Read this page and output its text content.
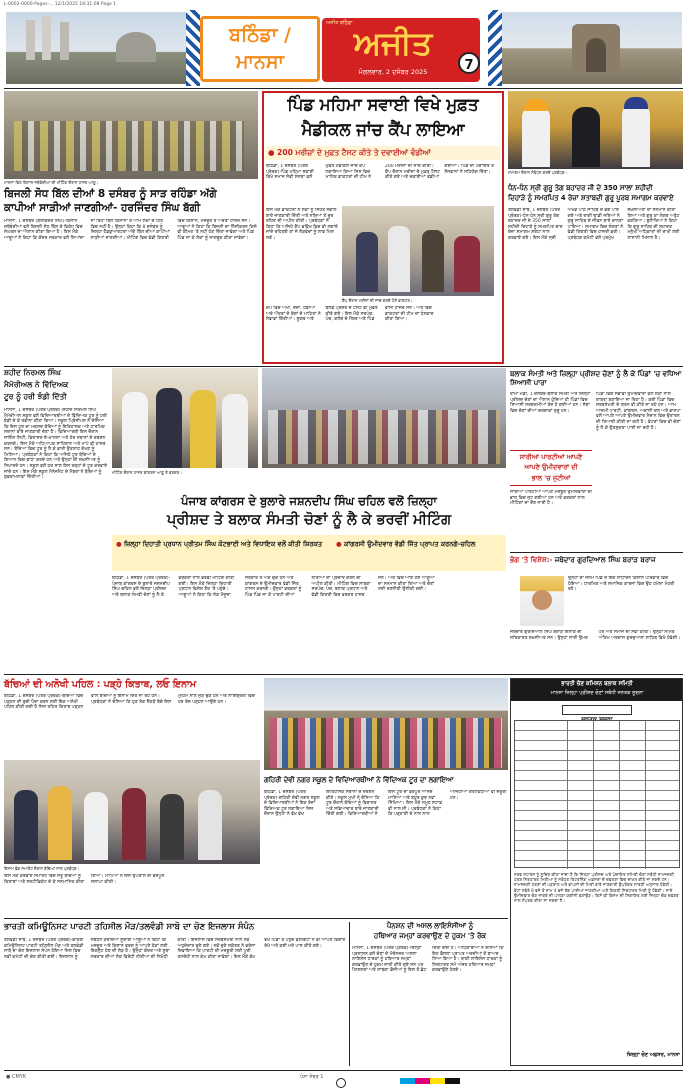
L-0002-0000-Pages-... 12/1/2025 18:31:08 Page 1
ਬਠਿੰਡਾ / ਮਾਨਸਾ
ਅਜੀਤ ਬਠਿੰਡਾ
ਅਜੀਤ
ਮੰਗਲਵਾਰ, 2 ਦਸੰਬਰ 2025	7
ਮਾਨਸਾ ਵਿਖੇ ਕਿਸਾਨ ਜਥੇਬੰਦੀਆਂ ਦੀ ਮੀਟਿੰਗ ਦੌਰਾਨ ਹਾਜ਼ਰ ਆਗੂ।
ਬਿਜਲੀ ਸੋਧ ਬਿੱਲ ਦੀਆਂ 8 ਦਸੰਬਰ ਨੂੰ ਸਾੜ ਰਹਿੰਡਾ ਅੱਗੇ
ਕਾਪੀਆਂ ਸਾੜੀਆਂ ਜਾਣਗੀਆਂ- ਹਰਜਿੰਦਰ ਸਿੰਘ ਬੱਗੀ
ਮਾਨਸਾ, 1 ਦਸੰਬਰ (ਬਲਵਿੰਦਰ ਸਿੰਘ)-ਕਿਸਾਨ ਜਥੇਬੰਦੀਆਂ ਵਲੋਂ ਬਿਜਲੀ ਸੋਧ ਬਿੱਲ ਦੇ ਵਿਰੋਧ ਵਿਚ ਸੰਘਰਸ਼ ਦਾ ਐਲਾਨ ਕੀਤਾ ਗਿਆ ਹੈ। ਇਸ ਮੌਕੇ ਆਗੂਆਂ ਨੇ ਕਿਹਾ ਕਿ ਕੇਂਦਰ ਸਰਕਾਰ ਵਲੋਂ ਲਿਆਂਦਾ ਜਾ ਰਿਹਾ ਬਿੱਲ ਕਿਸਾਨਾਂ ਤੇ ਆਮ ਲੋਕਾਂ ਦੇ ਹਿੱਤ ਵਿਚ ਨਹੀਂ ਹੈ। ਉਨ੍ਹਾਂ ਕਿਹਾ ਕਿ 8 ਦਸੰਬਰ ਨੂੰ ਜ਼ਿਲ੍ਹਾ ਹੈੱਡਕੁਆਰਟਰਾਂ ਅੱਗੇ ਬਿੱਲ ਦੀਆਂ ਕਾਪੀਆਂ ਸਾੜੀਆਂ ਜਾਣਗੀਆਂ। ਮੀਟਿੰਗ ਵਿਚ ਵੱਡੀ ਗਿਣਤੀ ਵਿਚ ਕਿਸਾਨ, ਮਜ਼ਦੂਰ ਤੇ ਔਰਤਾਂ ਹਾਜ਼ਰ ਸਨ। ਆਗੂਆਂ ਨੇ ਕਿਹਾ ਕਿ ਬਿਜਲੀ ਦਾ ਨਿੱਜੀਕਰਨ ਕਿਸੇ ਵੀ ਕੀਮਤ 'ਤੇ ਨਹੀਂ ਹੋਣ ਦਿੱਤਾ ਜਾਵੇਗਾ ਅਤੇ ਪਿੰਡ ਪਿੰਡ ਜਾ ਕੇ ਲੋਕਾਂ ਨੂੰ ਜਾਗਰੂਕ ਕੀਤਾ ਜਾਵੇਗਾ।
ਪਿੰਡ ਮਹਿਮਾ ਸਵਾਈ ਵਿਖੇ ਮੁਫ਼ਤ
ਮੈਡੀਕਲ ਜਾਂਚ ਕੈਂਪ ਲਾਇਆ
● 200 ਮਰੀਜ਼ਾਂ ਦੇ ਮੁਫ਼ਤ ਟੈਸਟ ਕੀਤੇ ਤੇ ਦਵਾਈਆਂ ਵੰਡੀਆਂ
ਬਠਿੰਡਾ, 1 ਦਸੰਬਰ (ਪੱਤਰ ਪ੍ਰੇਰਕ)-ਪਿੰਡ ਮਹਿਮਾ ਸਵਾਈ ਵਿਖੇ ਸਮਾਜ ਸੇਵੀ ਸੰਸਥਾ ਵਲੋਂ ਮੁਫ਼ਤ ਮੈਡੀਕਲ ਜਾਂਚ ਕੈਂਪ ਲਗਾਇਆ ਗਿਆ ਜਿਸ ਵਿਚ ਮਾਹਿਰ ਡਾਕਟਰਾਂ ਦੀ ਟੀਮ ਨੇ 200 ਮਰੀਜ਼ਾਂ ਦੀ ਜਾਂਚ ਕੀਤੀ। ਕੈਂਪ ਦੌਰਾਨ ਮਰੀਜ਼ਾਂ ਦੇ ਮੁਫ਼ਤ ਟੈਸਟ ਕੀਤੇ ਗਏ ਅਤੇ ਦਵਾਈਆਂ ਵੰਡੀਆਂ ਗਈਆਂ। ਪਿੰਡ ਦੀ ਪੰਚਾਇਤ ਤੇ ਨੌਜਵਾਨਾਂ ਨੇ ਸਹਿਯੋਗ ਦਿੱਤਾ।
ਇਸ ਮੌਕੇ ਡਾਕਟਰਾਂ ਨੇ ਲੋਕਾਂ ਨੂੰ ਸਿਹਤ ਸੰਭਾਲ ਬਾਰੇ ਜਾਣਕਾਰੀ ਦਿੱਤੀ ਅਤੇ ਨਸ਼ਿਆਂ ਤੋਂ ਦੂਰ ਰਹਿਣ ਦੀ ਅਪੀਲ ਕੀਤੀ। ਪ੍ਰਬੰਧਕਾਂ ਨੇ ਕਿਹਾ ਕਿ ਅਜਿਹੇ ਕੈਂਪ ਭਵਿੱਖ ਵਿਚ ਵੀ ਲਗਾਏ ਜਾਂਦੇ ਰਹਿਣਗੇ ਤਾਂ ਜੋ ਲੋੜਵੰਦਾਂ ਨੂੰ ਲਾਭ ਮਿਲ ਸਕੇ।
ਕੈਂਪ ਦੌਰਾਨ ਮਰੀਜ਼ਾਂ ਦੀ ਜਾਂਚ ਕਰਦੇ ਹੋਏ ਡਾਕਟਰ।
ਕੈਂਪ ਵਿਚ ਅੱਖਾਂ, ਦੰਦਾਂ, ਹੱਡੀਆਂ ਅਤੇ ਔਰਤਾਂ ਦੇ ਰੋਗਾਂ ਦੇ ਮਾਹਿਰਾਂ ਨੇ ਸੇਵਾਵਾਂ ਦਿੱਤੀਆਂ। ਸ਼ੂਗਰ ਅਤੇ ਬਲੱਡ ਪ੍ਰੈਸ਼ਰ ਦੇ ਟੈਸਟ ਵੀ ਮੁਫ਼ਤ ਕੀਤੇ ਗਏ। ਇਸ ਮੌਕੇ ਸਰਪੰਚ, ਪੰਚ, ਕਲੱਬ ਦੇ ਮੈਂਬਰ ਅਤੇ ਪਿੰਡ ਵਾਸੀ ਹਾਜ਼ਰ ਸਨ। ਅੰਤ ਵਿਚ ਡਾਕਟਰਾਂ ਦੀ ਟੀਮ ਦਾ ਧੰਨਵਾਦ ਕੀਤਾ ਗਿਆ।
ਸਮਾਗਮ ਦੌਰਾਨ ਸੰਬੋਧਨ ਕਰਦੇ ਪ੍ਰਬੰਧਕ।
ਧੰਨ-ਧੰਨ ਸ੍ਰੀ ਗੁਰੂ ਤੇਗ ਬਹਾਦਰ ਜੀ ਦੇ 350 ਸਾਲਾ ਸ਼ਹੀਦੀ
ਦਿਹਾੜੇ ਨੂੰ ਸਮਰਪਿਤ 4 ਰੋਜ਼ਾ ਸ਼ਤਾਬਦੀ ਗੁਰੂ ਪੂਰਬ ਸਮਾਗਮ ਕਰਵਾਏ
ਤਲਵੰਡੀ ਸਾਬੋ, 1 ਦਸੰਬਰ (ਪੱਤਰ ਪ੍ਰੇਰਕ)-ਧੰਨ-ਧੰਨ ਸ੍ਰੀ ਗੁਰੂ ਤੇਗ ਬਹਾਦਰ ਜੀ ਦੇ 350 ਸਾਲਾ ਸ਼ਹੀਦੀ ਦਿਹਾੜੇ ਨੂੰ ਸਮਰਪਿਤ ਚਾਰ ਰੋਜ਼ਾ ਸਮਾਗਮ ਸ਼ਰਧਾ ਨਾਲ ਕਰਵਾਏ ਗਏ। ਇਸ ਮੌਕੇ ਸ੍ਰੀ ਅਖੰਡ ਪਾਠ ਸਾਹਿਬ ਦੇ ਭੋਗ ਪਾਏ ਗਏ ਅਤੇ ਰਾਗੀ ਢਾਡੀ ਜਥਿਆਂ ਨੇ ਗੁਰੂ ਸਾਹਿਬ ਦੇ ਜੀਵਨ ਬਾਰੇ ਚਾਨਣਾ ਪਾਇਆ। ਸਮਾਗਮ ਵਿਚ ਸੰਗਤਾਂ ਨੇ ਵੱਡੀ ਗਿਣਤੀ ਵਿਚ ਹਾਜ਼ਰੀ ਭਰੀ। ਪ੍ਰਬੰਧਕ ਕਮੇਟੀ ਵਲੋਂ ਪ੍ਰਮੁੱਖ ਸ਼ਖ਼ਸੀਅਤਾਂ ਦਾ ਸਨਮਾਨ ਕੀਤਾ ਗਿਆ ਅਤੇ ਗੁਰੂ ਕਾ ਲੰਗਰ ਅਤੁੱਟ ਵਰਤਿਆ। ਬੁਲਾਰਿਆਂ ਨੇ ਕਿਹਾ ਕਿ ਗੁਰੂ ਸਾਹਿਬ ਦੀ ਸ਼ਹਾਦਤ ਮਨੁੱਖੀ ਅਧਿਕਾਰਾਂ ਦੀ ਰਾਖੀ ਲਈ ਲਾਸਾਨੀ ਮਿਸਾਲ ਹੈ।
ਸ਼ਹੀਦ ਨਿਰਮਲ ਸਿੰਘ
ਮੈਮੋਰੀਅਲ ਨੇ ਵਿੱਦਿਅਕ
ਟੂਰ ਨੂੰ ਹਰੀ ਝੰਡੀ ਦਿੱਤੀ
ਮਾਨਸਾ, 1 ਦਸੰਬਰ (ਪੱਤਰ ਪ੍ਰੇਰਕ)-ਸ਼ਹੀਦ ਨਿਰਮਲ ਸਿੰਘ ਮੈਮੋਰੀਅਲ ਸਕੂਲ ਵਲੋਂ ਵਿਦਿਆਰਥੀਆਂ ਦੇ ਵਿੱਦਿਅਕ ਟੂਰ ਨੂੰ ਹਰੀ ਝੰਡੀ ਦੇ ਕੇ ਰਵਾਨਾ ਕੀਤਾ ਗਿਆ। ਸਕੂਲ ਪ੍ਰਿੰਸੀਪਲ ਨੇ ਦੱਸਿਆ ਕਿ ਇਸ ਟੂਰ ਦਾ ਮਕਸਦ ਬੱਚਿਆਂ ਨੂੰ ਇਤਿਹਾਸਕ ਅਤੇ ਧਾਰਮਿਕ ਸਥਾਨਾਂ ਬਾਰੇ ਜਾਣਕਾਰੀ ਦੇਣਾ ਹੈ। ਵਿਦਿਆਰਥੀ ਇਸ ਦੌਰਾਨ ਸਾਇੰਸ ਸਿਟੀ, ਵਿਰਾਸਤ-ਏ-ਖ਼ਾਲਸਾ ਅਤੇ ਹੋਰ ਸਥਾਨਾਂ ਦੇ ਦਰਸ਼ਨ ਕਰਨਗੇ। ਇਸ ਮੌਕੇ ਅਧਿਆਪਕ ਸਾਹਿਬਾਨ ਅਤੇ ਮਾਪੇ ਵੀ ਹਾਜ਼ਰ ਸਨ। ਬੱਚਿਆਂ ਵਿਚ ਟੂਰ ਨੂੰ ਲੈ ਕੇ ਭਾਰੀ ਉਤਸ਼ਾਹ ਦੇਖਣ ਨੂੰ ਮਿਲਿਆ। ਪ੍ਰਬੰਧਕਾਂ ਨੇ ਕਿਹਾ ਕਿ ਅਜਿਹੇ ਟੂਰ ਬੱਚਿਆਂ ਦੇ ਗਿਆਨ ਵਿਚ ਵਾਧਾ ਕਰਦੇ ਹਨ ਅਤੇ ਉਨ੍ਹਾਂ ਦੀ ਸ਼ਖ਼ਸੀਅਤ ਨੂੰ ਨਿਖਾਰਦੇ ਹਨ। ਸਕੂਲ ਵਲੋਂ ਹਰ ਸਾਲ ਇਸ ਤਰ੍ਹਾਂ ਦੇ ਟੂਰ ਕਰਵਾਏ ਜਾਂਦੇ ਹਨ। ਇਸ ਮੌਕੇ ਸਕੂਲ ਮੈਨੇਜਮੈਂਟ ਦੇ ਮੈਂਬਰਾਂ ਨੇ ਬੱਚਿਆਂ ਨੂੰ ਸ਼ੁਭਕਾਮਨਾਵਾਂ ਦਿੱਤੀਆਂ।
ਮੀਟਿੰਗ ਦੌਰਾਨ ਹਾਜ਼ਰ ਕਾਂਗਰਸ ਆਗੂ ਤੇ ਵਰਕਰ।
ਪੰਜਾਬ ਕਾਂਗਰਸ ਦੇ ਬੁਲਾਰੇ ਜਸ਼ਨਦੀਪ ਸਿੰਘ ਚਹਿਲ ਵਲੋਂ ਜ਼ਿਲ੍ਹਾ
ਪ੍ਰੀਸ਼ਦ ਤੇ ਬਲਾਕ ਸੰਮਤੀ ਚੋਣਾਂ ਨੂੰ ਲੈ ਕੇ ਭਰਵੀਂ ਮੀਟਿੰਗ
● ਜ਼ਿਲ੍ਹਾ ਦਿਹਾਤੀ ਪ੍ਰਧਾਨ ਪ੍ਰੀਤਮ ਸਿੰਘ ਕੋਟਭਾਈ ਅਤੇ ਵਿਧਾਇਕ ਵਲੋਂ ਕੀਤੀ ਸ਼ਿਰਕਤ	● ਕਾਂਗਰਸੀ ਉਮੀਦਵਾਰ ਵੱਡੀ ਜਿੱਤ ਪ੍ਰਾਪਤ ਕਰਨਗੇ-ਚਹਿਲ
ਬਠਿੰਡਾ, 1 ਦਸੰਬਰ (ਪੱਤਰ ਪ੍ਰੇਰਕ)-ਪੰਜਾਬ ਕਾਂਗਰਸ ਦੇ ਬੁਲਾਰੇ ਜਸ਼ਨਦੀਪ ਸਿੰਘ ਚਹਿਲ ਵਲੋਂ ਜ਼ਿਲ੍ਹਾ ਪ੍ਰੀਸ਼ਦ ਅਤੇ ਬਲਾਕ ਸੰਮਤੀ ਚੋਣਾਂ ਨੂੰ ਲੈ ਕੇ ਵਰਕਰਾਂ ਨਾਲ ਭਰਵੀਂ ਮੀਟਿੰਗ ਕੀਤੀ ਗਈ। ਇਸ ਮੌਕੇ ਜ਼ਿਲ੍ਹਾ ਦਿਹਾਤੀ ਪ੍ਰਧਾਨ ਵਿਸ਼ੇਸ਼ ਤੌਰ 'ਤੇ ਪਹੁੰਚੇ। ਆਗੂਆਂ ਨੇ ਕਿਹਾ ਕਿ ਲੋਕ ਮੌਜੂਦਾ ਸਰਕਾਰ ਤੋਂ ਅੱਕ ਚੁੱਕੇ ਹਨ ਅਤੇ ਕਾਂਗਰਸ ਦੇ ਉਮੀਦਵਾਰ ਵੱਡੀ ਜਿੱਤ ਹਾਸਲ ਕਰਨਗੇ। ਉਨ੍ਹਾਂ ਵਰਕਰਾਂ ਨੂੰ ਪਿੰਡ ਪਿੰਡ ਜਾ ਕੇ ਪਾਰਟੀ ਦੀਆਂ ਨੀਤੀਆਂ ਦਾ ਪ੍ਰਚਾਰ ਕਰਨ ਦੀ ਅਪੀਲ ਕੀਤੀ। ਮੀਟਿੰਗ ਵਿਚ ਸਾਬਕਾ ਸਰਪੰਚ, ਪੰਚ, ਬਲਾਕ ਪ੍ਰਧਾਨ ਅਤੇ ਵੱਡੀ ਗਿਣਤੀ ਵਿਚ ਵਰਕਰ ਹਾਜ਼ਰ ਸਨ। ਅੰਤ ਵਿਚ ਆਏ ਹੋਏ ਆਗੂਆਂ ਦਾ ਸਨਮਾਨ ਕੀਤਾ ਗਿਆ ਅਤੇ ਚੋਣਾਂ ਲਈ ਰਣਨੀਤੀ ਉਲੀਕੀ ਗਈ।
ਬਲਾਕ ਸੰਮਤੀ ਅਤੇ ਜ਼ਿਲ੍ਹਾ ਪ੍ਰੀਸ਼ਦ ਚੋਣਾਂ ਨੂੰ ਲੈ ਕੇ ਪਿੰਡਾਂ 'ਚ ਵਧਿਆ ਸਿਆਸੀ ਪਾਰਾ
ਰਾਮਾਂ ਮੰਡੀ, 1 ਦਸੰਬਰ-ਬਲਾਕ ਸੰਮਤੀ ਅਤੇ ਜ਼ਿਲ੍ਹਾ ਪ੍ਰੀਸ਼ਦ ਚੋਣਾਂ ਦਾ ਐਲਾਨ ਹੁੰਦਿਆਂ ਹੀ ਪਿੰਡਾਂ ਵਿਚ ਸਿਆਸੀ ਸਰਗਰਮੀਆਂ ਤੇਜ਼ ਹੋ ਗਈਆਂ ਹਨ। ਸੱਥਾਂ ਵਿਚ ਚੋਣਾਂ ਦੀਆਂ ਚਰਚਾਵਾਂ ਸ਼ੁਰੂ ਹਨ।
ਸਾਰੀਆਂ ਪਾਰਟੀਆਂ ਆਪਣੇ
ਆਪਣੇ ਉਮੀਦਵਾਰਾਂ ਦੀ
ਭਾਲ 'ਚ ਜੁਟੀਆਂ
ਸਾਰੀਆਂ ਪਾਰਟੀਆਂ ਆਪਣੇ ਮਜ਼ਬੂਤ ਉਮੀਦਵਾਰਾਂ ਦੀ ਭਾਲ ਵਿਚ ਜੁਟ ਗਈਆਂ ਹਨ ਅਤੇ ਵਰਕਰਾਂ ਨਾਲ ਮੀਟਿੰਗਾਂ ਦਾ ਦੌਰ ਜਾਰੀ ਹੈ।
ਪਿੰਡਾਂ ਵਿਚ ਸੰਭਾਵੀ ਉਮੀਦਵਾਰਾਂ ਵਲੋਂ ਲੋਕਾਂ ਨਾਲ ਰਾਬਤਾ ਬਣਾਇਆ ਜਾ ਰਿਹਾ ਹੈ। ਕਈ ਪਿੰਡਾਂ ਵਿਚ ਸਰਬਸੰਮਤੀ ਦੇ ਯਤਨ ਵੀ ਕੀਤੇ ਜਾ ਰਹੇ ਹਨ। ਆਮ ਆਦਮੀ ਪਾਰਟੀ, ਕਾਂਗਰਸ, ਅਕਾਲੀ ਦਲ ਅਤੇ ਭਾਜਪਾ ਵਲੋਂ ਆਪਣੇ ਆਪਣੇ ਉਮੀਦਵਾਰ ਮੈਦਾਨ ਵਿਚ ਉਤਾਰਨ ਦੀ ਤਿਆਰੀ ਕੀਤੀ ਜਾ ਰਹੀ ਹੈ। ਵੋਟਰਾਂ ਵਿਚ ਵੀ ਚੋਣਾਂ ਨੂੰ ਲੈ ਕੇ ਉਤਸੁਕਤਾ ਪਾਈ ਜਾ ਰਹੀ ਹੈ।
ਭੋਗ 'ਤੇ ਵਿਸ਼ੇਸ਼:- ਜਥੇਦਾਰ ਗੁਰਦਿਆਲ ਸਿੰਘ ਬਰਾੜ ਬਰਾਜ
ਜਥੇਦਾਰ ਗੁਰਦਿਆਲ ਸਿੰਘ ਬਰਾੜ ਇਲਾਕੇ ਦੀ ਸਤਿਕਾਰਤ ਸ਼ਖ਼ਸੀਅਤ ਸਨ। ਉਨ੍ਹਾਂ ਸਾਰੀ ਉਮਰ ਪੰਥ ਅਤੇ ਸਮਾਜ ਦੀ ਸੇਵਾ ਕੀਤੀ। ਉਨ੍ਹਾਂ ਨਮਿਤ ਅੰਤਿਮ ਅਰਦਾਸ ਗੁਰਦੁਆਰਾ ਸਾਹਿਬ ਵਿਖੇ ਹੋਵੇਗੀ।
ਉਨ੍ਹਾਂ ਦਾ ਜਨਮ ਪਿੰਡ ਦੇ ਇਕ ਸਾਧਾਰਨ ਕਿਸਾਨ ਪਰਿਵਾਰ ਵਿਚ ਹੋਇਆ। ਧਾਰਮਿਕ ਅਤੇ ਸਮਾਜਿਕ ਕਾਰਜਾਂ ਵਿਚ ਉਹ ਹਮੇਸ਼ਾ ਮੋਹਰੀ ਰਹੇ।
ਬੱਚਿਆਂ ਦੀ ਅਨੋਖੀ ਪਹਿਲ : ਪੜ੍ਹੋ ਕਿਤਾਬ, ਲਓ ਇਨਾਮ
ਬਠਿੰਡਾ, 1 ਦਸੰਬਰ (ਪੱਤਰ ਪ੍ਰੇਰਕ)-ਬੱਚਿਆਂ ਵਿਚ ਪੜ੍ਹਨ ਦੀ ਰੁਚੀ ਪੈਦਾ ਕਰਨ ਲਈ ਇਕ ਅਨੋਖੀ ਪਹਿਲ ਕੀਤੀ ਗਈ ਹੈ ਜਿਸ ਤਹਿਤ ਕਿਤਾਬ ਪੜ੍ਹਨ ਵਾਲੇ ਬੱਚਿਆਂ ਨੂੰ ਇਨਾਮ ਦਿੱਤੇ ਜਾ ਰਹੇ ਹਨ। ਪ੍ਰਬੰਧਕਾਂ ਨੇ ਦੱਸਿਆ ਕਿ ਹੁਣ ਤੱਕ ਸੈਂਕੜੇ ਬੱਚੇ ਇਸ ਮੁਹਿੰਮ ਨਾਲ ਜੁੜ ਚੁੱਕੇ ਹਨ ਅਤੇ ਲਾਇਬ੍ਰੇਰੀ ਵਿਚ ਹਰ ਰੋਜ਼ ਪੜ੍ਹਨ ਆਉਂਦੇ ਹਨ।
ਇਨਾਮ ਵੰਡ ਸਮਾਰੋਹ ਦੌਰਾਨ ਬੱਚਿਆਂ ਨਾਲ ਪ੍ਰਬੰਧਕ।
ਇਸ ਮੌਕੇ ਕਰਵਾਏ ਸਮਾਰੋਹ ਵਿਚ ਜੇਤੂ ਬੱਚਿਆਂ ਨੂੰ ਕਿਤਾਬਾਂ ਅਤੇ ਸਰਟੀਫਿਕੇਟ ਦੇ ਕੇ ਸਨਮਾਨਿਤ ਕੀਤਾ ਗਿਆ। ਮਾਪਿਆਂ ਨੇ ਇਸ ਉਪਰਾਲੇ ਦੀ ਭਰਪੂਰ ਸ਼ਲਾਘਾ ਕੀਤੀ।
ਗਹਿਰੀ ਦੇਵੀ ਨਗਰ ਸਕੂਲ ਦੇ ਵਿਦਿਆਰਥੀਆਂ ਨੇ ਵਿੱਦਿਅਕ ਟੂਰ ਦਾ ਲਗਾਇਆ
ਬਠਿੰਡਾ, 1 ਦਸੰਬਰ (ਪੱਤਰ ਪ੍ਰੇਰਕ)-ਗਹਿਰੀ ਦੇਵੀ ਨਗਰ ਸਕੂਲ ਦੇ ਵਿਦਿਆਰਥੀਆਂ ਨੇ ਇਕ ਰੋਜ਼ਾ ਵਿੱਦਿਅਕ ਟੂਰ ਲਗਾਇਆ ਜਿਸ ਦੌਰਾਨ ਉਨ੍ਹਾਂ ਨੇ ਵੱਖ ਵੱਖ ਇਤਿਹਾਸਕ ਸਥਾਨਾਂ ਦੇ ਦਰਸ਼ਨ ਕੀਤੇ। ਸਕੂਲ ਮੁਖੀ ਨੇ ਦੱਸਿਆ ਕਿ ਟੂਰ ਦੌਰਾਨ ਬੱਚਿਆਂ ਨੂੰ ਵਿਰਾਸਤ ਅਤੇ ਸਭਿਆਚਾਰ ਬਾਰੇ ਜਾਣਕਾਰੀ ਦਿੱਤੀ ਗਈ। ਵਿਦਿਆਰਥੀਆਂ ਨੇ ਇਸ ਟੂਰ ਦਾ ਭਰਪੂਰ ਆਨੰਦ ਮਾਣਿਆ ਅਤੇ ਬਹੁਤ ਕੁਝ ਨਵਾਂ ਸਿੱਖਿਆ। ਇਸ ਮੌਕੇ ਸਮੂਹ ਸਟਾਫ਼ ਵੀ ਨਾਲ ਸੀ। ਪ੍ਰਬੰਧਕਾਂ ਨੇ ਕਿਹਾ ਕਿ ਪੜ੍ਹਾਈ ਦੇ ਨਾਲ ਨਾਲ ਅਜਿਹੀਆਂ ਗਤੀਵਿਧੀਆਂ ਵੀ ਜ਼ਰੂਰੀ ਹਨ।
ਭਾਰਤੀ ਚੋਣ ਕਮਿਸ਼ਨ ਬਲਾਕ ਸਮਿਤੀ
ਮਾਨਸਾ ਜ਼ਿਲ੍ਹਾ ਪ੍ਰੀਸ਼ਦ ਚੋਣਾਂ ਸਬੰਧੀ ਜਨਤਕ ਸੂਚਨਾ
ਸਰਵ ਸਧਾਰਨ ਨੂੰ ਸੂਚਿਤ ਕੀਤਾ ਜਾਂਦਾ ਹੈ ਕਿ ਜ਼ਿਲ੍ਹਾ ਪ੍ਰੀਸ਼ਦ ਅਤੇ ਪੰਚਾਇਤ ਸਮਿਤੀ ਚੋਣਾਂ ਸਬੰਧੀ ਨਾਮਜ਼ਦਗੀ ਪੱਤਰ ਨਿਰਧਾਰਤ ਮਿਤੀਆਂ ਨੂੰ ਸਬੰਧਤ ਰਿਟਰਨਿੰਗ ਅਫ਼ਸਰਾਂ ਦੇ ਦਫ਼ਤਰਾਂ ਵਿਚ ਦਾਖ਼ਲ ਕੀਤੇ ਜਾ ਸਕਦੇ ਹਨ। ਨਾਮਜ਼ਦਗੀ ਪੱਤਰਾਂ ਦੀ ਪੜਤਾਲ ਅਤੇ ਵਾਪਸੀ ਦੀ ਮਿਤੀ ਬਾਰੇ ਜਾਣਕਾਰੀ ਉਪਰੋਕਤ ਸਾਰਣੀ ਅਨੁਸਾਰ ਹੋਵੇਗੀ। ਵੋਟਾਂ ਸਵੇਰੇ 8 ਵਜੇ ਤੋਂ ਸ਼ਾਮ 4 ਵਜੇ ਤੱਕ ਪਾਈਆਂ ਜਾਣਗੀਆਂ ਅਤੇ ਗਿਣਤੀ ਨਿਰਧਾਰਤ ਮਿਤੀ ਨੂੰ ਹੋਵੇਗੀ। ਸਾਰੇ ਉਮੀਦਵਾਰ ਚੋਣ ਜ਼ਾਬਤੇ ਦੀ ਪਾਲਣਾ ਯਕੀਨੀ ਬਣਾਉਣ। ਕਿਸੇ ਵੀ ਕਿਸਮ ਦੀ ਸ਼ਿਕਾਇਤ ਲਈ ਜ਼ਿਲ੍ਹਾ ਚੋਣ ਦਫ਼ਤਰ ਨਾਲ ਸੰਪਰਕ ਕੀਤਾ ਜਾ ਸਕਦਾ ਹੈ।
ਜ਼ਿਲ੍ਹਾ ਚੋਣ ਅਫ਼ਸਰ, ਮਾਨਸਾ
ਭਾਰਤੀ ਕਮਿਊਨਿਸਟ ਪਾਰਟੀ ਤਹਿਸੀਲ ਮੌੜ/ਤਲਵੰਡੀ ਸਾਬੋ ਦਾ ਚੋਣ ਇਜਲਾਸ ਸੰਪੰਨ
ਤਲਵੰਡੀ ਸਾਬੋ, 1 ਦਸੰਬਰ (ਪੱਤਰ ਪ੍ਰੇਰਕ)-ਭਾਰਤੀ ਕਮਿਊਨਿਸਟ ਪਾਰਟੀ ਤਹਿਸੀਲ ਮੌੜ ਅਤੇ ਤਲਵੰਡੀ ਸਾਬੋ ਦਾ ਚੋਣ ਇਜਲਾਸ ਸੰਪੰਨ ਹੋਇਆ ਜਿਸ ਵਿਚ ਨਵੀਂ ਕਮੇਟੀ ਦੀ ਚੋਣ ਕੀਤੀ ਗਈ। ਇਜਲਾਸ ਨੂੰ ਸੰਬੋਧਨ ਕਰਦਿਆਂ ਸੂਬਾਈ ਆਗੂਆਂ ਨੇ ਕਿਹਾ ਕਿ ਮਜ਼ਦੂਰ ਅਤੇ ਕਿਸਾਨ ਵਰਗ ਨੂੰ ਆਪਣੇ ਹੱਕਾਂ ਲਈ ਇਕਜੁੱਟ ਹੋਣ ਦੀ ਲੋੜ ਹੈ। ਉਨ੍ਹਾਂ ਕੇਂਦਰ ਅਤੇ ਸੂਬਾ ਸਰਕਾਰ ਦੀਆਂ ਲੋਕ ਵਿਰੋਧੀ ਨੀਤੀਆਂ ਦੀ ਨਿਖੇਧੀ ਕੀਤੀ। ਇਜਲਾਸ ਵਿਚ ਸਰਬਸੰਮਤੀ ਨਾਲ ਨਵੇਂ ਅਹੁਦੇਦਾਰ ਚੁਣੇ ਗਏ। ਨਵੇਂ ਚੁਣੇ ਸਕੱਤਰ ਨੇ ਭਰੋਸਾ ਦਿਵਾਇਆ ਕਿ ਪਾਰਟੀ ਦੀ ਮਜ਼ਬੂਤੀ ਲਈ ਪੂਰੀ ਤਨਦੇਹੀ ਨਾਲ ਕੰਮ ਕੀਤਾ ਜਾਵੇਗਾ। ਇਸ ਮੌਕੇ ਵੱਖ ਵੱਖ ਪਿੰਡਾਂ ਤੋਂ ਪਹੁੰਚੇ ਡੈਲੀਗੇਟਾਂ ਨੇ ਵੀ ਆਪਣੇ ਵਿਚਾਰ ਰੱਖੇ ਅਤੇ ਕਈ ਮਤੇ ਪਾਸ ਕੀਤੇ ਗਏ।
ਪੈਨਸ਼ਨ ਦੀ ਅਸਲ ਲਾਇਸੰਸੀਆਂ ਨੂੰ
ਹਥਿਆਰ ਜਮ੍ਹਾਂ ਕਰਵਾਉਣ ਦੇ ਹੁਕਮ 'ਤੇ ਰੋਕ
ਮਾਨਸਾ, 1 ਦਸੰਬਰ (ਪੱਤਰ ਪ੍ਰੇਰਕ)-ਜ਼ਿਲ੍ਹਾ ਪ੍ਰਸ਼ਾਸਨ ਵਲੋਂ ਚੋਣਾਂ ਦੇ ਮੱਦੇਨਜ਼ਰ ਅਸਲਾ ਲਾਇਸੰਸ ਧਾਰਕਾਂ ਨੂੰ ਹਥਿਆਰ ਜਮ੍ਹਾਂ ਕਰਵਾਉਣ ਦੇ ਹੁਕਮ ਜਾਰੀ ਕੀਤੇ ਗਏ ਸਨ ਪਰ ਪੈਨਸ਼ਨਰਾਂ ਅਤੇ ਸਾਬਕਾ ਫ਼ੌਜੀਆਂ ਨੂੰ ਇਸ ਤੋਂ ਛੋਟ ਦਿੱਤੀ ਗਈ ਹੈ। ਅਧਿਕਾਰੀਆਂ ਨੇ ਦੱਸਿਆ ਕਿ ਇਹ ਫ਼ੈਸਲਾ ਪ੍ਰਾਪਤ ਅਰਜ਼ੀਆਂ ਤੋਂ ਬਾਅਦ ਲਿਆ ਗਿਆ ਹੈ। ਬਾਕੀ ਲਾਇਸੰਸ ਧਾਰਕਾਂ ਨੂੰ ਨਿਰਧਾਰਤ ਸਮੇਂ ਅੰਦਰ ਹਥਿਆਰ ਜਮ੍ਹਾਂ ਕਰਵਾਉਣੇ ਹੋਣਗੇ।
● CMYK	ਪੰਨਾ ਨੰਬਰ 1
